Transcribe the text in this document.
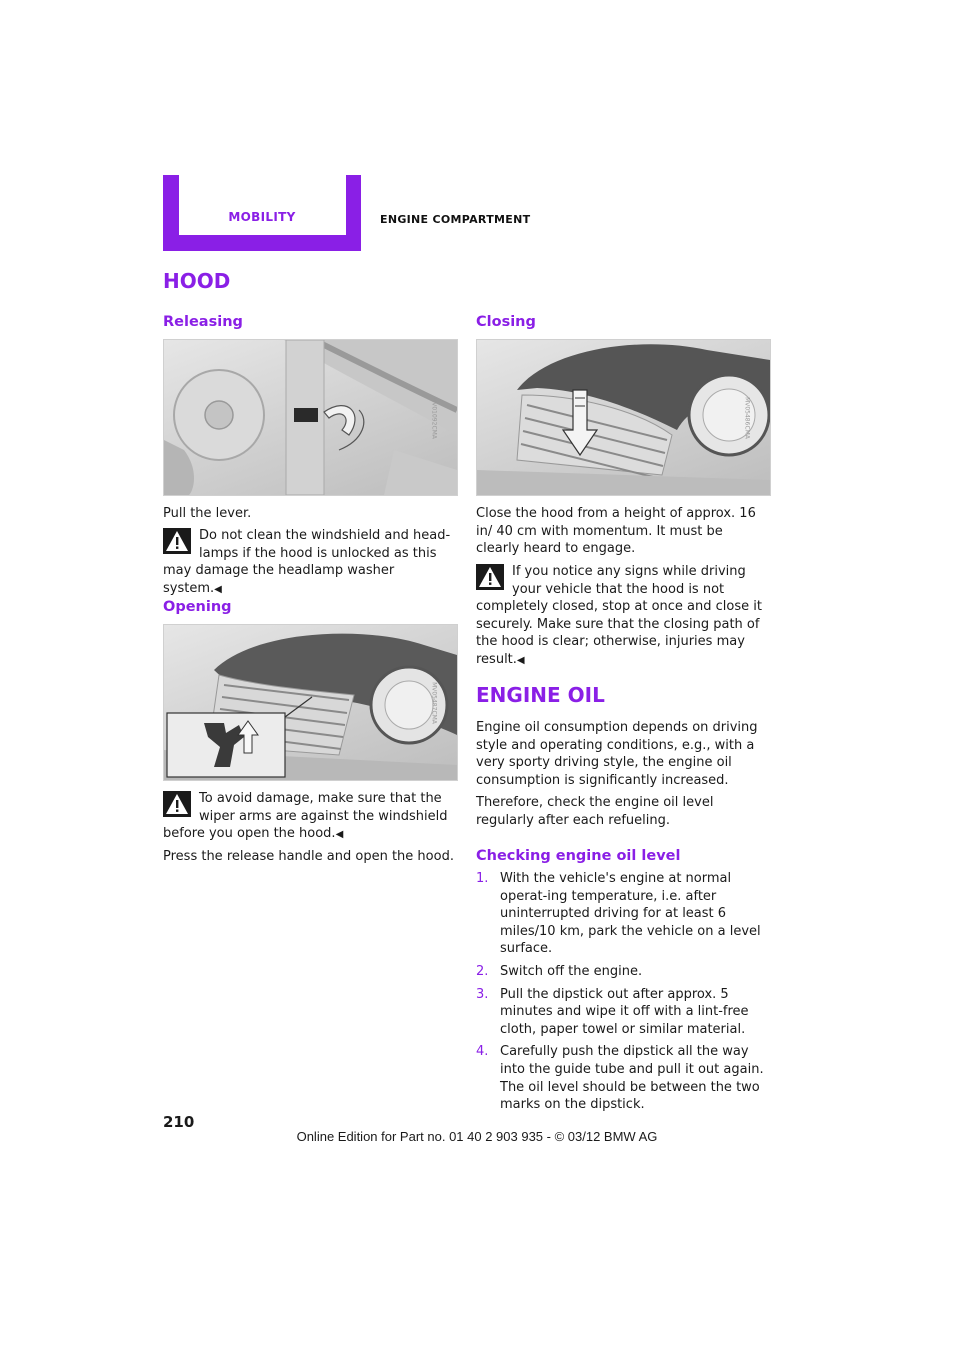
MOBILITY	ENGINE COMPARTMENT
HOOD
Releasing
MV01092CMA

Pull the lever.

Do not clean the windshield and head-lamps if the hood is unlocked as this may damage the headlamp washer system.◀
Opening
MV05487CMA
To avoid damage, make sure that the wiper arms are against the windshield before you open the hood.◀

Press the release handle and open the hood.

Closing
MV05486CMA

Close the hood from a height of approx. 16 in/ 40 cm with momentum. It must be clearly heard to engage.

If you notice any signs while driving your vehicle that the hood is not completely closed, stop at once and close it securely. Make sure that the closing path of the hood is clear; otherwise, injuries may result.◀
ENGINE OIL

Engine oil consumption depends on driving style and operating conditions, e.g., with a very sporty driving style, the engine oil consumption is significantly increased.

Therefore, check the engine oil level regularly after each refueling.

Checking engine oil level
1. With the vehicle's engine at normal operat-ing temperature, i.e. after uninterrupted driving for at least 6 miles/10 km, park the vehicle on a level surface.
2. Switch off the engine.
3. Pull the dipstick out after approx. 5 minutes and wipe it off with a lint-free cloth, paper towel or similar material.
4. Carefully push the dipstick all the way into the guide tube and pull it out again.
The oil level should be between the two marks on the dipstick.
210
Online Edition for Part no. 01 40 2 903 935 - © 03/12 BMW AG
